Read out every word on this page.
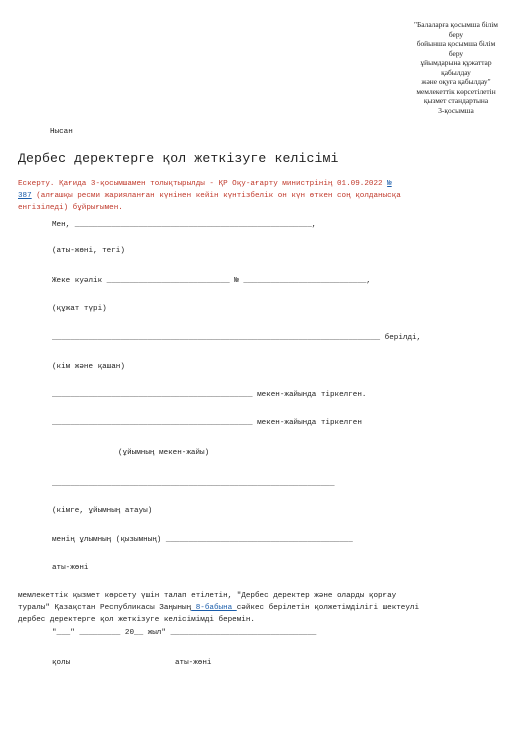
"Балаларға қосымша білім
беру
бойынша қосымша білім
беру
ұйымдарына құжаттар
қабылдау
және оқуға қабылдау"
мемлекеттік көрсетілетін
қызмет стандартына
3-қосымша
Нысан
Дербес деректерге қол жеткізуге келісімі
Ескерту. Қағида 3-қосымшамен толықтырылды - ҚР Оқу-ағарту министрінің 01.09.2022 №
387 (алғашқы ресми жарияланған күнінен кейін күнтізбелік он күн өткен соң қолданысқа
енгізіледі) бұйрығымен.
Мен, ____________________________________________________,
(аты-жөні, тегі)
Жеке куәлік ___________________________ № ___________________________,
(құжат түрі)
________________________________________________________________________ берілді,
(кім және қашан)
____________________________________________ мекен-жайында тіркелген.
____________________________________________ мекен-жайында тіркелген
(ұйымның мекен-жайы)
______________________________________________________________
(кімге, ұйымның атауы)
менің ұлымның (қызымның) _________________________________________
аты-жөні
мемлекеттік қызмет көрсету үшін талап етілетін, "Дербес деректер және оларды қорғау
туралы" Қазақстан Республикасы Заңының 8-бабына сәйкес берілетін қолжетімділігі шектеулі
дербес деректерге қол жеткізуге келісімімді беремін.
"___" _________ 20__ жыл" ________________________________
қолы	аты-жөні
